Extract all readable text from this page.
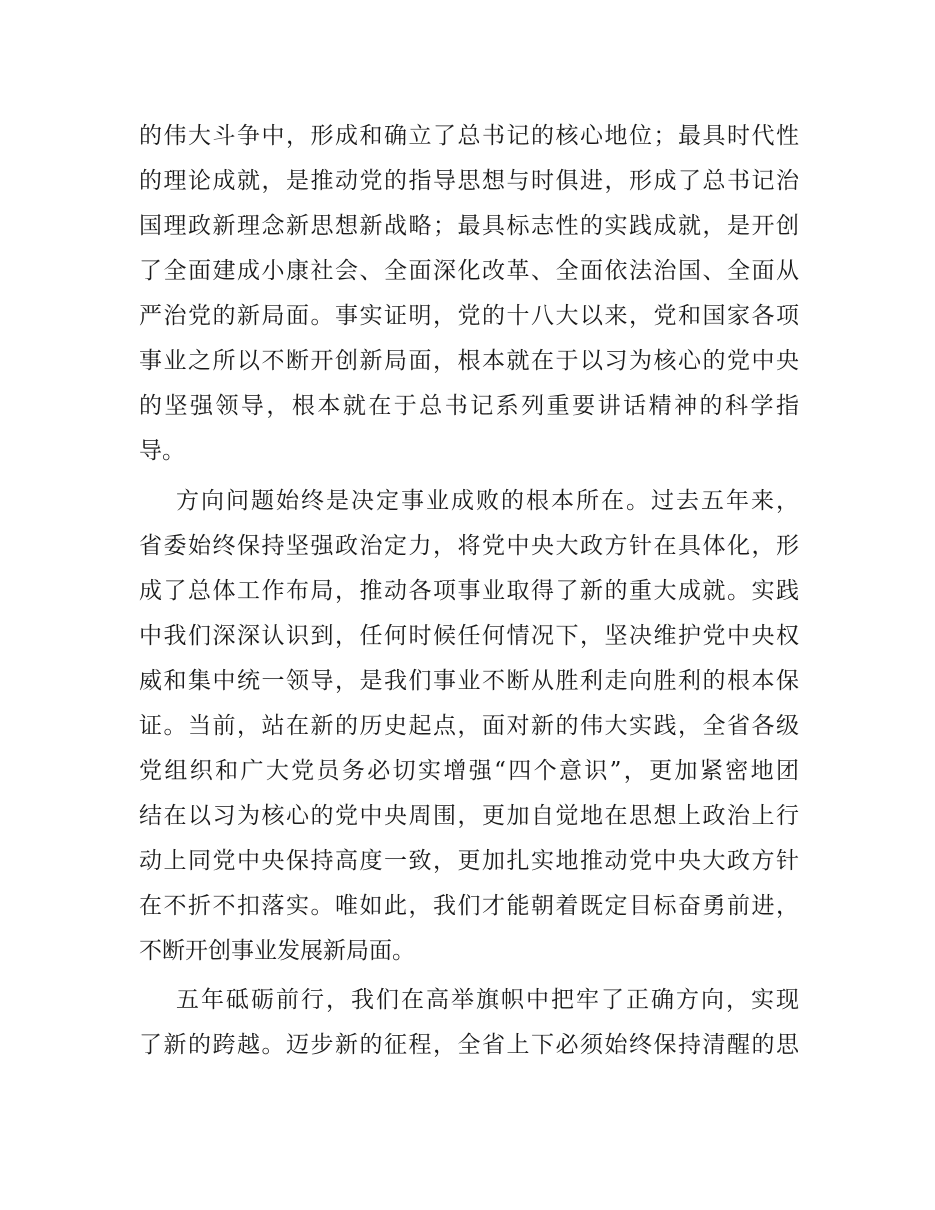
的伟大斗争中，形成和确立了总书记的核心地位；最具时代性
的理论成就，是推动党的指导思想与时俱进，形成了总书记治
国理政新理念新思想新战略；最具标志性的实践成就，是开创
了全面建成小康社会、全面深化改革、全面依法治国、全面从
严治党的新局面。事实证明，党的十八大以来，党和国家各项
事业之所以不断开创新局面，根本就在于以习为核心的党中央
的坚强领导，根本就在于总书记系列重要讲话精神的科学指
导。
方向问题始终是决定事业成败的根本所在。过去五年来，
省委始终保持坚强政治定力，将党中央大政方针在具体化，形
成了总体工作布局，推动各项事业取得了新的重大成就。实践
中我们深深认识到，任何时候任何情况下，坚决维护党中央权
威和集中统一领导，是我们事业不断从胜利走向胜利的根本保
证。当前，站在新的历史起点，面对新的伟大实践，全省各级
党组织和广大党员务必切实增强“四个意识”，更加紧密地团
结在以习为核心的党中央周围，更加自觉地在思想上政治上行
动上同党中央保持高度一致，更加扎实地推动党中央大政方针
在不折不扣落实。唯如此，我们才能朝着既定目标奋勇前进，
不断开创事业发展新局面。
五年砥砺前行，我们在高举旗帜中把牢了正确方向，实现
了新的跨越。迈步新的征程，全省上下必须始终保持清醒的思
